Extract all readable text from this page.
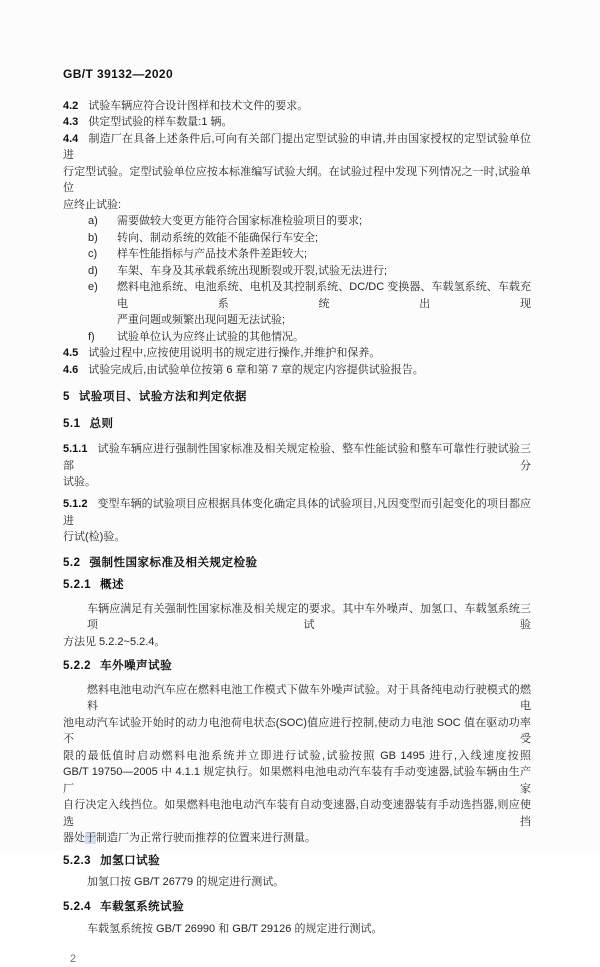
GB/T 39132—2020
4.2 试验车辆应符合设计图样和技术文件的要求。
4.3 供定型试验的样车数量:1 辆。
4.4 制造厂在具备上述条件后,可向有关部门提出定型试验的申请,并由国家授权的定型试验单位进
行定型试验。定型试验单位应按本标准编写试验大纲。在试验过程中发现下列情况之一时,试验单位
应终止试验:
a) 需要做较大变更方能符合国家标准检验项目的要求;
b) 转向、制动系统的效能不能确保行车安全;
c) 样车性能指标与产品技术条件差距较大;
d) 车架、车身及其承载系统出现断裂或开裂,试验无法进行;
e) 燃料电池系统、电池系统、电机及其控制系统、DC/DC 变换器、车载氢系统、车载充电系统出现
严重问题或频繁出现问题无法试验;
f) 试验单位认为应终止试验的其他情况。
4.5 试验过程中,应按使用说明书的规定进行操作,并维护和保养。
4.6 试验完成后,由试验单位按第 6 章和第 7 章的规定内容提供试验报告。
5 试验项目、试验方法和判定依据
5.1 总则
5.1.1 试验车辆应进行强制性国家标准及相关规定检验、整车性能试验和整车可靠性行驶试验三部分
试验。
5.1.2 变型车辆的试验项目应根据具体变化确定具体的试验项目,凡因变型而引起变化的项目都应进
行试(检)验。
5.2 强制性国家标准及相关规定检验
5.2.1 概述
车辆应满足有关强制性国家标准及相关规定的要求。其中车外噪声、加氢口、车载氢系统三项试验
方法见 5.2.2~5.2.4。
5.2.2 车外噪声试验
燃料电池电动汽车应在燃料电池工作模式下做车外噪声试验。对于具备纯电动行驶模式的燃料电
池电动汽车试验开始时的动力电池荷电状态(SOC)值应进行控制,使动力电池 SOC 值在驱动功率不受
限的最低值时启动燃料电池系统并立即进行试验,试验按照 GB 1495 进行,入线速度按照
GB/T 19750—2005 中 4.1.1 规定执行。如果燃料电池电动汽车装有手动变速器,试验车辆由生产厂家
自行决定入线挡位。如果燃料电池电动汽车装有自动变速器,自动变速器装有手动选挡器,则应使选挡
器处于制造厂为正常行驶而推荐的位置来进行测量。
5.2.3 加氢口试验
加氢口按 GB/T 26779 的规定进行测试。
5.2.4 车载氢系统试验
车载氢系统按 GB/T 26990 和 GB/T 29126 的规定进行测试。
2
